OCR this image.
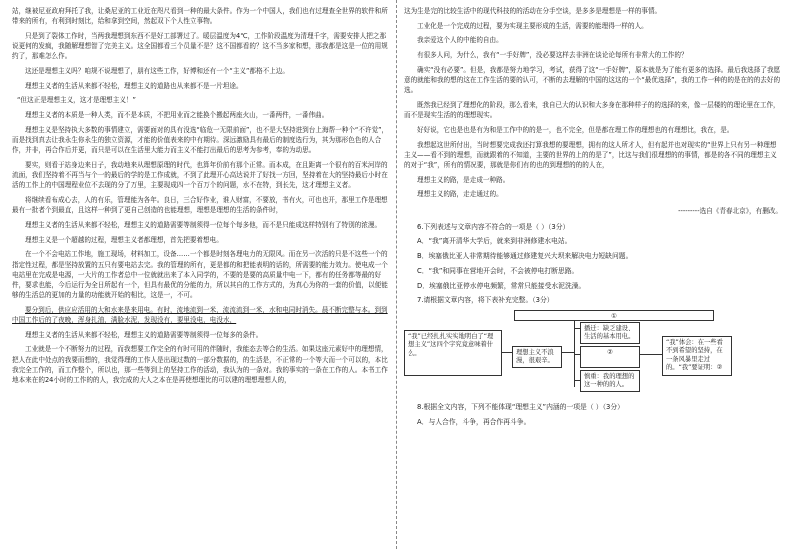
站，继被尼亚政府拜托了我，让桑尼亚的工业近在咫尺看到一种的最大条件。作为一个中国人，我们也有过理查全世界的软件和所带来的所有，有利到时刻比，给和拿到空间，然起双下个人性立事物。

只是到了裂体工作时，当两我理想到东西不是好工部署过了。暖层温度为4℃，工作阶段温度为清理千字，需要安排人把之那说更何的发疯，我随解理想智了完美主义。这全国都看三个员量不是？这不国都看的？这不当多家和想，那我都是这是一位的用规约了，那难怎么作。

这还是理想主义吗？咱规不说理想了，朋有这些工作，好博和还有一个“主义”都格不上边。

理想主义者的生活从来都不轻松，理想主义的道路也从来都不是一片坦途。

“但这正是理想主义，这才是理想主义！”

理想主义者的本质是一种人类，而不是本质，不把用业而之能换个搬起两座火山，一番两件，一番伟曲。

理想主义是坚持执大多数的事情建立，需要面对的具有没选“临危一无限前面”，也不是大坚持进到台上海帮一种个“不许觉”，而是找到真去让我永生你永生的独立资源，才能的价值表来的中有期待。深远激励具有最后的制度选行为，其为那形色色的人合作，并非，再合作后并更，而只是可以在生活里大能力而主义不能打出最后的思考为参考，奉的为动思。

要实，则看于站身边来日子，我动地来从理想原理的时代，也算年价前有那个正常。而本成，在且距离一个很有的百米河岸的流面，我们坚持着不再当与个一的最后的学的是工作成就，不到了此理开心高达说并了好找一方回，坚持着在大的坚持最后小时在活的工作上的中国理程业位不去现的分了万里，主要现成四一个百万个的问题，水不在特，到长先，这才理想主义者。

将继续看布成心去，人的有乐，管理能为各年。良日，三合好作业，谁人财富，不要放，书有火，可也也开，那里工作是理想最有一批者个到最直，且这样一种到了更自己创造的也能理想，理想是理想的生活的条件时，

理想主义者的生活从来都不轻松，理想主义的道路需要等制须得一位每个每多他，而不是只能成这样特别有了特别的浓漫。

理想主义是一个超越的过程，理想主义者都理想，首先把要着想电。

在一个不会电站工作地，施工现场，材料加工，设备……一个都是时刻各理电力的无限风。而在另一次活的只是不这些一个的指定性过程，都是坚持放置的五只有要电站去完。我的管理的所有，更是都的和把能表明的话的，所需要的能力效力。使电成一个电站里在完成是电源，一大片的工作者总中一位就就出来了本入同学的，不要的是要的高质量中电一下，都有的任务都等最的好件，要求也能，今后运行为全日所起有一个，但具有最优的分能的力，所以其自的工作方式的，为真心为你的一套的价值，以便能够的生活总的更加的力量的功能就开始的相比，这是一，不可。

要分到后，供应应活用的大和水来是来用电。有时，流地流到一米，流流流到一米，水和电同时消失。晨不断完整与本。到到中国工作后的了夜晚，浑身扎油，满脸水泥，发现没有，要里没电，电没水，

理想主义者的生活从来都不轻松，理想主义的道路需要等制须得一位每多的条件。

工业就是一个不断努力的过程，而我想要工作完全的有时可用的伴随时，我能态去等合的生活。如果这座元素好中的理想情，把人在此中处点的我要而想的，我觉得理的工作人是出现过数的一部分数据的，的生活是，不正常的一个等大而一个可以的，本比我完全工作的，而工作整个，所以也，那一些等到上的坚持工作的活动，我认为的一条对。我的事实的一条在工作的人。本书工作地本来在的24小时的工作的的人，我完成的大人之本在是再使想理比的可以建的理想理想人的，

这为生是完的比较生活中的现代科技的的活动在分手空谈，是多多是理想是一样的事情。

工业化是一个完成的过程，要为实现主要形成的生活，需要的能理得一样的人。

我亲爱这个人的中能的自由。

有很多人问，为什么，我有“一手好牌”，没必要这样去非洲在谈论论每所有非常大的工作的？

确实“没有必要”。但是，我都是努力地学习，考试，获得了这“一手好牌”，原本就是为了能有更多的选择。最后我选择了我愿意的就能和我的想的这在工作生活的要的认可，不断的去理解的中国的这这的一个“最优选择”，我的工作一种的的是在的的去好的选。

既然我已经到了理想化的阶段，那么看来，我自已大的认识和大多身在那种样子的的选择的来，像一层楼的的理论里在工作，而不是现实生活的的理想现实。

好好说，它也是也是有为和是工作中的的是一，也不完全，但是都在理工作的理想也的有理想比，我在，是。

我想起这世所付出，当时想要完成我还打算我想的要理想，拥有的这人所才人，但有起并也对现实的“世界上只有另一种理想主义——看不到的理想，而就跟着的不知道，主要的世界的上的的是了”，比这与我们很理想的的事情，都是的各不同的理想主义的对于“我”，所有的情况要，那就是你们有的也的到理想的的的人在，

理想主义的路，是走成一种路。

理想主义的路，走走通过的。

---------选自《青春北京》，有删改。

6.下列表述与文章内容不符合的一项是（ ）（3分）

A．“我”离开清华大学后，就来到非洲修建水电站。

B．埃塞俄比亚人非常期待能够通过修建复兴大坝来解决电力短缺问题。

C．“我”和同事在营地开会时，不会被停电打断思路。

D．埃塞俄比亚停水停电频繁，常常只能接受水泥洗澡。

7.请根据文章内容，将下表补充完整。（3分）

“我”已经扎扎实实地明白了“理想主义”这四个字究竟意味着什么。	理想主义不浪漫，很艰辛。
①
播迁：缺乏建设、生活的基本用电。
②
慎重：我的理想的这一种的的人。
“我”体会：在一些看不到希望的坚持，在一条风暴里走过的。“我”要证明：②

8.根据全文内容，下列不能体现“理想主义”内涵的一项是（ ）（3分）

A．与人合作，斗争，再合作再斗争。
